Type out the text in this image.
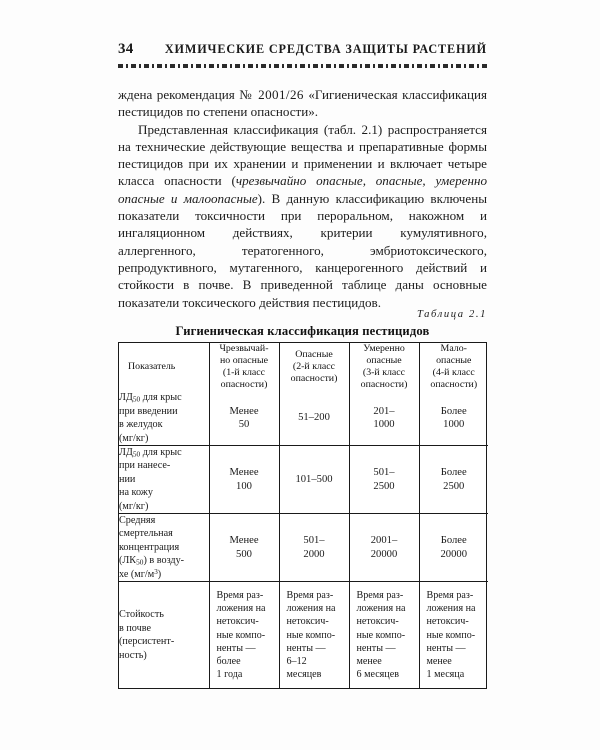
34	ХИМИЧЕСКИЕ СРЕДСТВА ЗАЩИТЫ РАСТЕНИЙ

ждена рекомендация № 2001/26 «Гигиеническая классификация пестицидов по степени опасности».

Представленная классификация (табл. 2.1) распространяется на технические действующие вещества и препаративные формы пестицидов при их хранении и применении и включает четыре класса опасности (чрезвычайно опасные, опасные, умеренно опасные и малоопасные). В данную классификацию включены показатели токсичности при пероральном, накожном и ингаляционном действиях, критерии кумулятивного, аллергенного, тератогенного, эмбриотоксического, репродуктивного, мутагенного, канцерогенного действий и стойкости в почве. В приведенной таблице даны основные показатели токсического действия пестицидов.

Таблица 2.1
Гигиеническая классификация пестицидов
Показатель	Чрезвычай-
но опасные
(1-й класс
опасности)	Опасные
(2-й класс
опасности)	Умеренно
опасные
(3-й класс
опасности)	Мало-
опасные
(4-й класс
опасности)
$ЛД_{50}$ для крыс
при введении
в желудок
(мг/кг)	Менее
50	51–200	201–
1000	Более
1000
$ЛД_{50}$ для крыс
при нанесе-
нии
на кожу
(мг/кг)	Менее
100	101–500	501–
2500	Более
2500
Средняя
смертельная
концентрация
$(ЛК_{50})$ в возду-
хе $(мг/м^3)$	Менее
500	501–
2000	2001–
20000	Более
20000
Стойкость
в почве
(персистент-
ность)	Время раз-
ложения на
нетоксич-
ные компо-
ненты —
более
1 года	Время раз-
ложения на
нетоксич-
ные компо-
ненты —
6–12
месяцев	Время раз-
ложения на
нетоксич-
ные компо-
ненты —
менее
6 месяцев	Время раз-
ложения на
нетоксич-
ные компо-
ненты —
менее
1 месяца
